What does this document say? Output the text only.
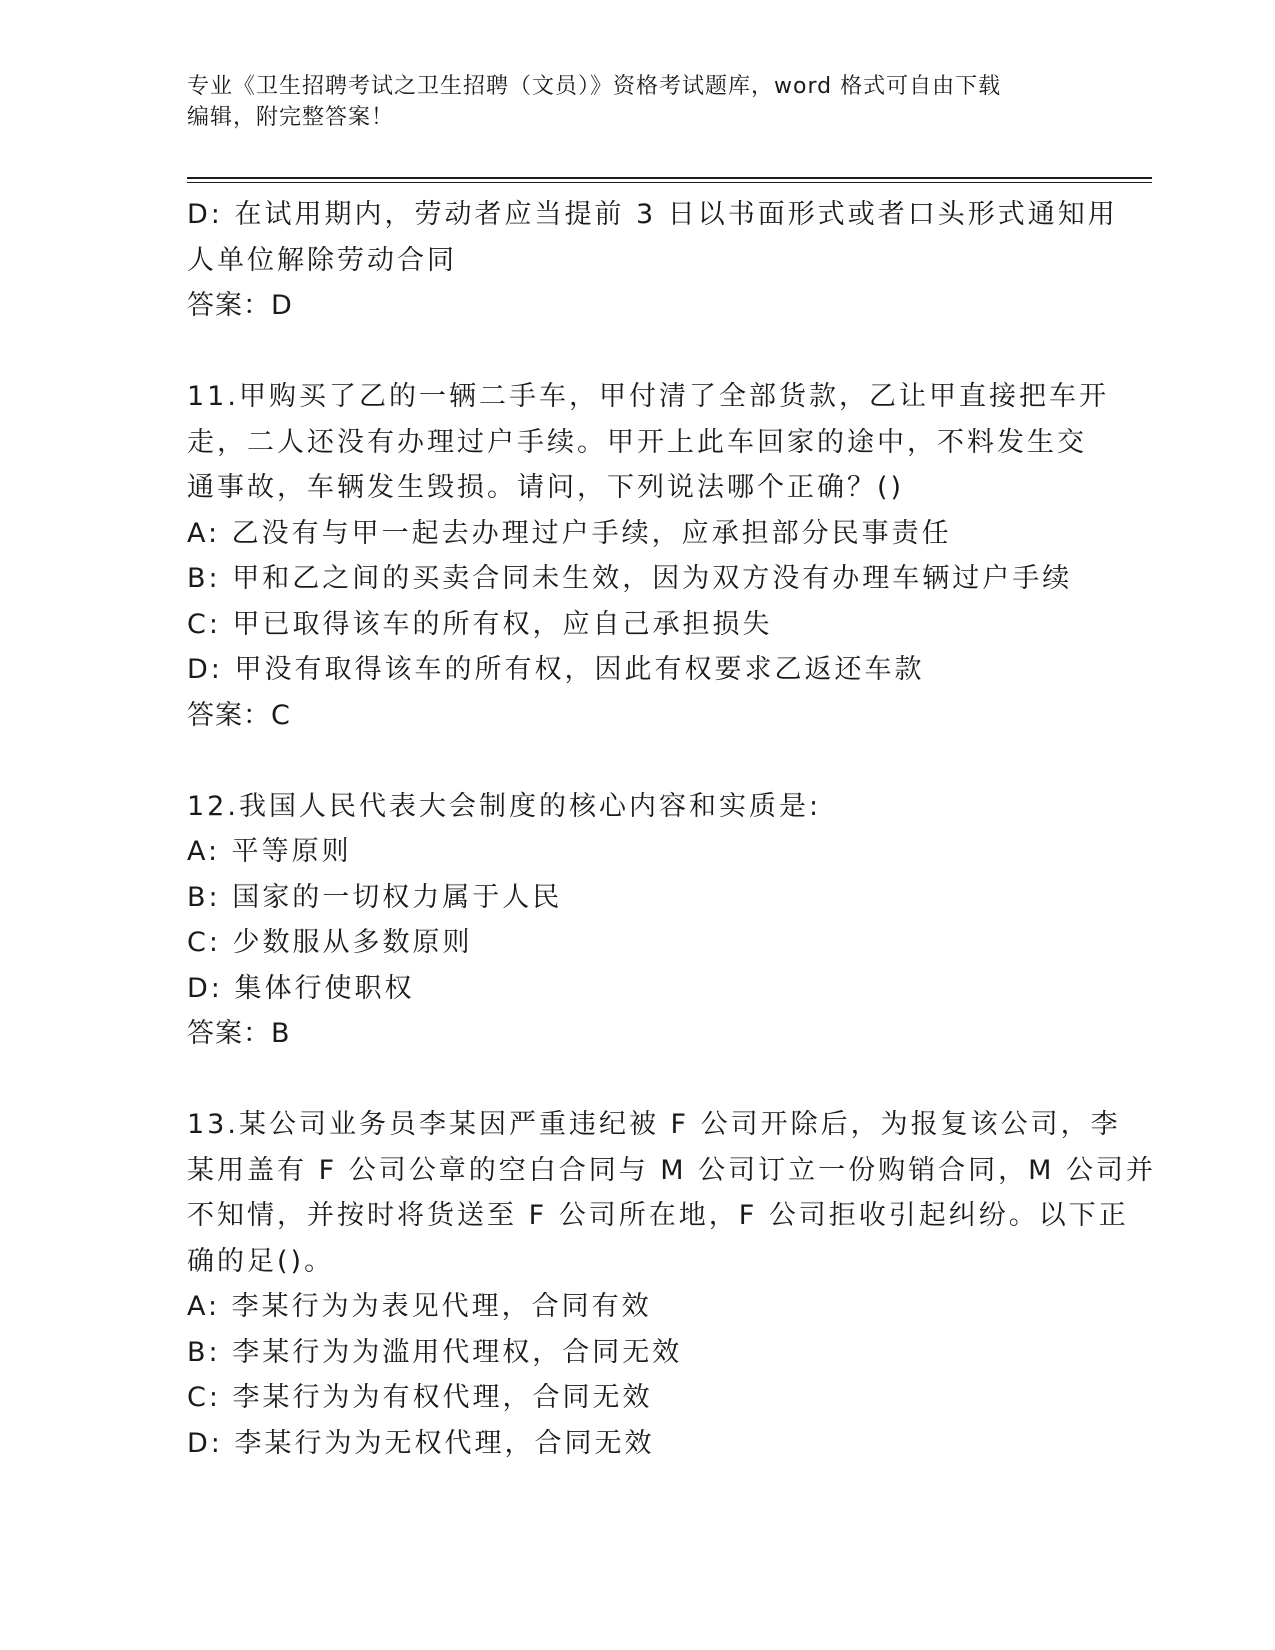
专业《卫生招聘考试之卫生招聘（文员）》资格考试题库，word 格式可自由下载
编辑，附完整答案！
D: 在试用期内，劳动者应当提前 3 日以书面形式或者口头形式通知用
人单位解除劳动合同
答案：D
11.甲购买了乙的一辆二手车，甲付清了全部货款，乙让甲直接把车开
走，二人还没有办理过户手续。甲开上此车回家的途中，不料发生交
通事故，车辆发生毁损。请问，下列说法哪个正确？()
A: 乙没有与甲一起去办理过户手续，应承担部分民事责任
B: 甲和乙之间的买卖合同未生效，因为双方没有办理车辆过户手续
C: 甲已取得该车的所有权，应自己承担损失
D: 甲没有取得该车的所有权，因此有权要求乙返还车款
答案：C
12.我国人民代表大会制度的核心内容和实质是:
A: 平等原则
B: 国家的一切权力属于人民
C: 少数服从多数原则
D: 集体行使职权
答案：B
13.某公司业务员李某因严重违纪被 F 公司开除后，为报复该公司，李
某用盖有 F 公司公章的空白合同与 M 公司订立一份购销合同，M 公司并
不知情，并按时将货送至 F 公司所在地，F 公司拒收引起纠纷。以下正
确的足()。
A: 李某行为为表见代理，合同有效
B: 李某行为为滥用代理权，合同无效
C: 李某行为为有权代理，合同无效
D: 李某行为为无权代理，合同无效
